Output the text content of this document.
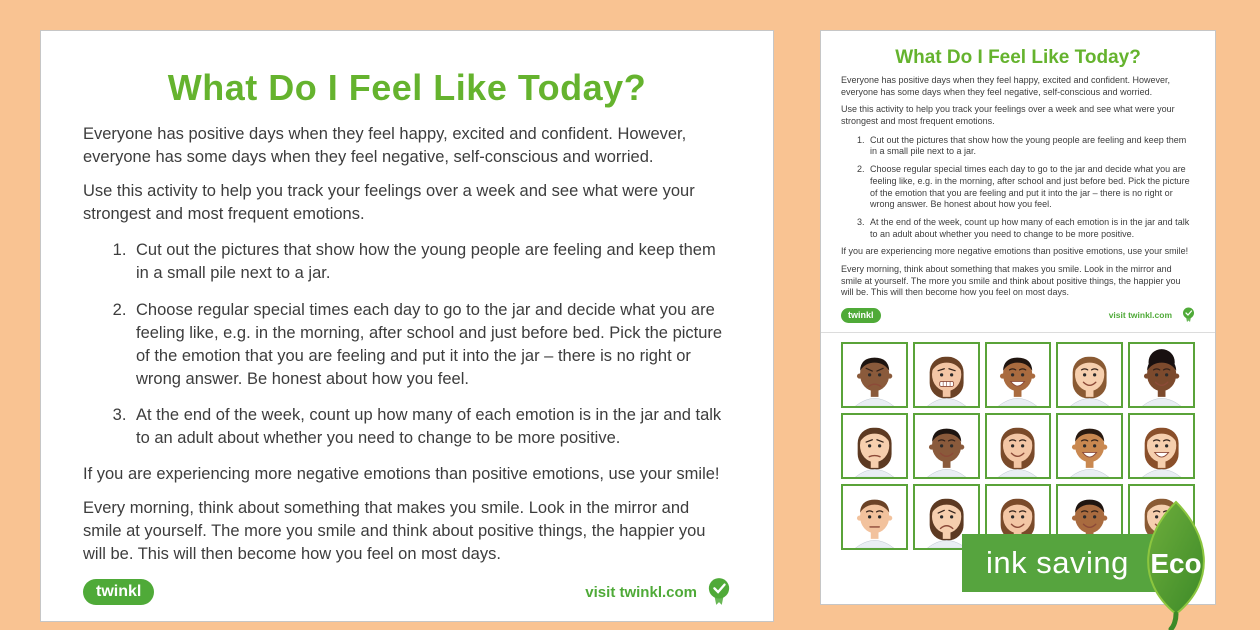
What Do I Feel Like Today?

Everyone has positive days when they feel happy, excited and confident. However, everyone has some days when they feel negative, self-conscious and worried.

Use this activity to help you track your feelings over a week and see what were your strongest and most frequent emotions.

1. Cut out the pictures that show how the young people are feeling and keep them in a small pile next to a jar.
2. Choose regular special times each day to go to the jar and decide what you are feeling like, e.g. in the morning, after school and just before bed. Pick the picture of the emotion that you are feeling and put it into the jar – there is no right or wrong answer. Be honest about how you feel.
3. At the end of the week, count up how many of each emotion is in the jar and talk to an adult about whether you need to change to be more positive.

If you are experiencing more negative emotions than positive emotions, use your smile!

Every morning, think about something that makes you smile. Look in the mirror and smile at yourself. The more you smile and think about positive things, the happier you will be. This will then become how you feel on most days.

twinkl	visit twinkl.com
What Do I Feel Like Today?

Everyone has positive days when they feel happy, excited and confident. However, everyone has some days when they feel negative, self-conscious and worried.

Use this activity to help you track your feelings over a week and see what were your strongest and most frequent emotions.

1. Cut out the pictures that show how the young people are feeling and keep them in a small pile next to a jar.
2. Choose regular special times each day to go to the jar and decide what you are feeling like, e.g. in the morning, after school and just before bed. Pick the picture of the emotion that you are feeling and put it into the jar – there is no right or wrong answer. Be honest about how you feel.
3. At the end of the week, count up how many of each emotion is in the jar and talk to an adult about whether you need to change to be more positive.

If you are experiencing more negative emotions than positive emotions, use your smile!

Every morning, think about something that makes you smile. Look in the mirror and smile at yourself. The more you smile and think about positive things, the happier you will be. This will then become how you feel on most days.

twinkl	visit twinkl.com
ink saving Eco
